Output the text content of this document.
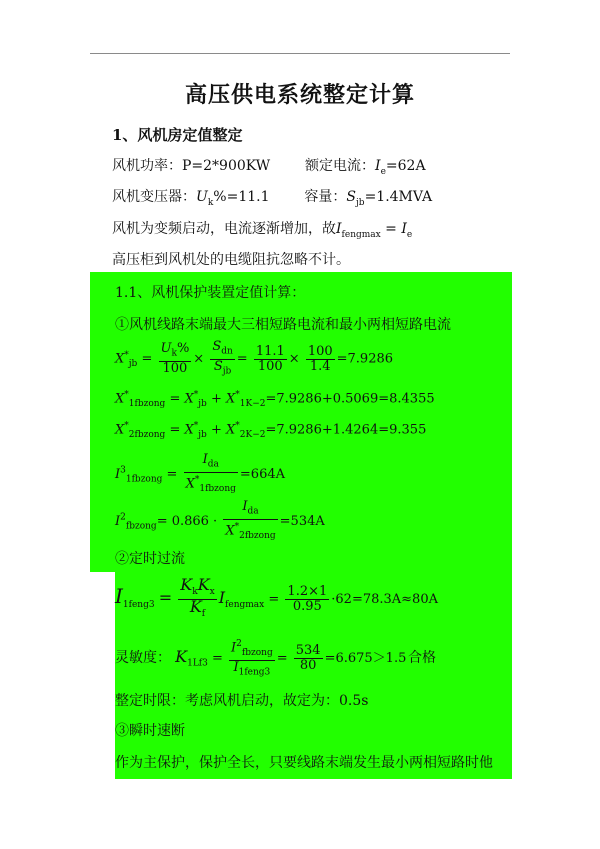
高压供电系统整定计算
1、风机房定值整定
风机功率：P=2*900KW 额定电流：$I_e=62A$
风机变压器：$U_k\%=11.1$ 容量：$S_{jb}=1.4MVA$
风机为变频启动，电流逐渐增加，故$I_{fengmax} = I_e$
高压柜到风机处的电缆阻抗忽略不计。
1.1、风机保护装置定值计算：
①风机线路末端最大三相短路电流和最小两相短路电流
$X^*_{jb} = \frac{U_k\%}{100} \times \frac{S_{dn}}{S_{jb}} = \frac{11.1}{100} \times \frac{100}{1.4} =7.9286$
$X^*_{1fbzong} = X^*_{jb} + X^*_{1K-2}=7.9286+0.5069=8.4355$
$X^*_{2fbzong} = X^*_{jb} + X^*_{2K-2}=7.9286+1.4264=9.355$
$I^3_{1fbzong} = \frac{I_{da}}{X^*_{1fbzong}} =664A$
$I^2_{fbzong}= 0.866 \cdot \frac{I_{da}}{X^*_{2fbzong}} =534A$
②定时过流
$I_{1feng3} = \frac{K_kK_x}{K_f} I_{fengmax} = \frac{1.2\times 1}{0.95} \cdot 62=78.3A\approx 80A$
灵敏度： $K_{1Lf3} = \frac{I^2_{fbzong}}{I_{1feng3}} = \frac{534}{80} =6.675>1.5$ 合格
整定时限：考虑风机启动，故定为：0.5s
③瞬时速断
作为主保护，保护全长，只要线路末端发生最小两相短路时他
